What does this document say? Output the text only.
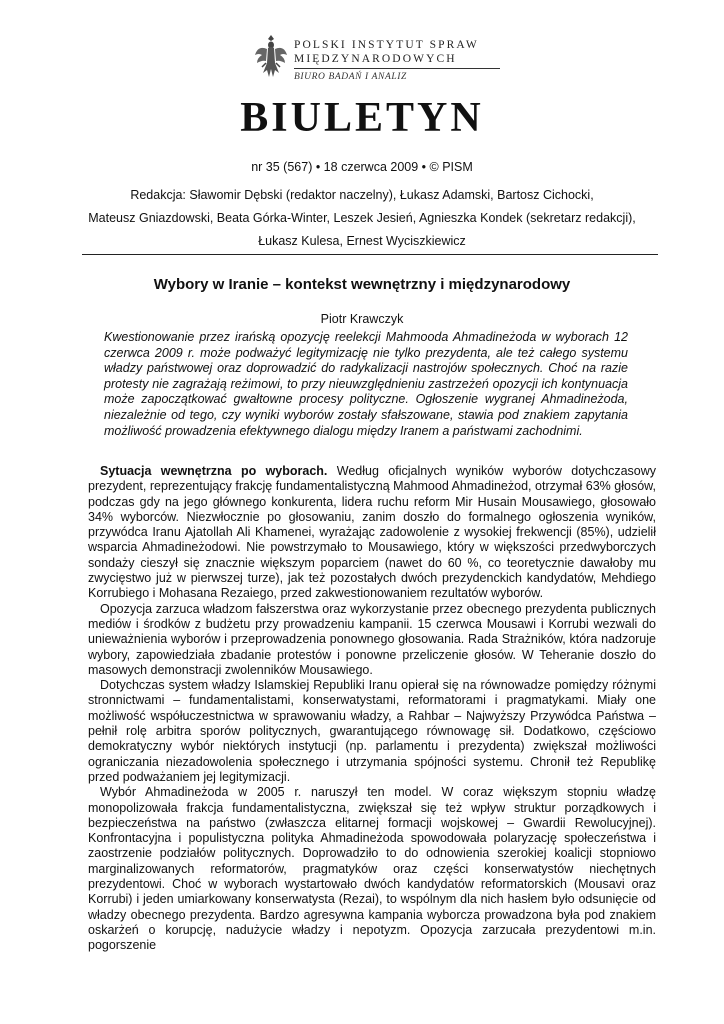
POLSKI INSTYTUT SPRAW
MIĘDZYNARODOWYCH
BIURO BADAŃ I ANALIZ
BIULETYN
nr 35 (567) • 18 czerwca 2009 • © PISM
Redakcja: Sławomir Dębski (redaktor naczelny), Łukasz Adamski, Bartosz Cichocki,
Mateusz Gniazdowski, Beata Górka-Winter, Leszek Jesień, Agnieszka Kondek (sekretarz redakcji),
Łukasz Kulesa, Ernest Wyciszkiewicz
Wybory w Iranie – kontekst wewnętrzny i międzynarodowy
Piotr Krawczyk
Kwestionowanie przez irańską opozycję reelekcji Mahmooda Ahmadineżoda w wyborach 12 czerwca 2009 r. może podważyć legitymizację nie tylko prezydenta, ale też całego systemu władzy państwowej oraz doprowadzić do radykalizacji nastrojów społecznych. Choć na razie protesty nie zagrażają reżimowi, to przy nieuwzględnieniu zastrzeżeń opozycji ich kontynuacja może zapoczątkować gwałtowne procesy polityczne. Ogłoszenie wygranej Ahmadineżoda, niezależnie od tego, czy wyniki wyborów zostały sfałszowane, stawia pod znakiem zapytania możliwość prowadzenia efektywnego dialogu między Iranem a państwami zachodnimi.

Sytuacja wewnętrzna po wyborach. Według oficjalnych wyników wyborów dotychczasowy prezydent, reprezentujący frakcję fundamentalistyczną Mahmood Ahmadineżod, otrzymał 63% głosów, podczas gdy na jego głównego konkurenta, lidera ruchu reform Mir Husain Mousawiego, głosowało 34% wyborców. Niezwłocznie po głosowaniu, zanim doszło do formalnego ogłoszenia wyników, przywódca Iranu Ajatollah Ali Khamenei, wyrażając zadowolenie z wysokiej frekwencji (85%), udzielił wsparcia Ahmadineżodowi. Nie powstrzymało to Mousawiego, który w większości przedwyborczych sondaży cieszył się znacznie większym poparciem (nawet do 60 %, co teoretycznie dawałoby mu zwycięstwo już w pierwszej turze), jak też pozostałych dwóch prezydenckich kandydatów, Mehdiego Korrubiego i Mohasana Rezaiego, przed zakwestionowaniem rezultatów wyborów.

Opozycja zarzuca władzom fałszerstwa oraz wykorzystanie przez obecnego prezydenta publicznych mediów i środków z budżetu przy prowadzeniu kampanii. 15 czerwca Mousawi i Korrubi wezwali do unieważnienia wyborów i przeprowadzenia ponownego głosowania. Rada Strażników, która nadzoruje wybory, zapowiedziała zbadanie protestów i ponowne przeliczenie głosów. W Teheranie doszło do masowych demonstracji zwolenników Mousawiego.

Dotychczas system władzy Islamskiej Republiki Iranu opierał się na równowadze pomiędzy różnymi stronnictwami – fundamentalistami, konserwatystami, reformatorami i pragmatykami. Miały one możliwość współuczestnictwa w sprawowaniu władzy, a Rahbar – Najwyższy Przywódca Państwa – pełnił rolę arbitra sporów politycznych, gwarantującego równowagę sił. Dodatkowo, częściowo demokratyczny wybór niektórych instytucji (np. parlamentu i prezydenta) zwiększał możliwości ograniczania niezadowolenia społecznego i utrzymania spójności systemu. Chronił też Republikę przed podważaniem jej legitymizacji.

Wybór Ahmadineżoda w 2005 r. naruszył ten model. W coraz większym stopniu władzę monopolizowała frakcja fundamentalistyczna, zwiększał się też wpływ struktur porządkowych i bezpieczeństwa na państwo (zwłaszcza elitarnej formacji wojskowej – Gwardii Rewolucyjnej). Konfrontacyjna i populistyczna polityka Ahmadineżoda spowodowała polaryzację społeczeństwa i zaostrzenie podziałów politycznych. Doprowadziło to do odnowienia szerokiej koalicji stopniowo marginalizowanych reformatorów, pragmatyków oraz części konserwatystów niechętnych prezydentowi. Choć w wyborach wystartowało dwóch kandydatów reformatorskich (Mousavi oraz Korrubi) i jeden umiarkowany konserwatysta (Rezai), to wspólnym dla nich hasłem było odsunięcie od władzy obecnego prezydenta. Bardzo agresywna kampania wyborcza prowadzona była pod znakiem oskarżeń o korupcję, nadużycie władzy i nepotyzm. Opozycja zarzucała prezydentowi m.in. pogorszenie
